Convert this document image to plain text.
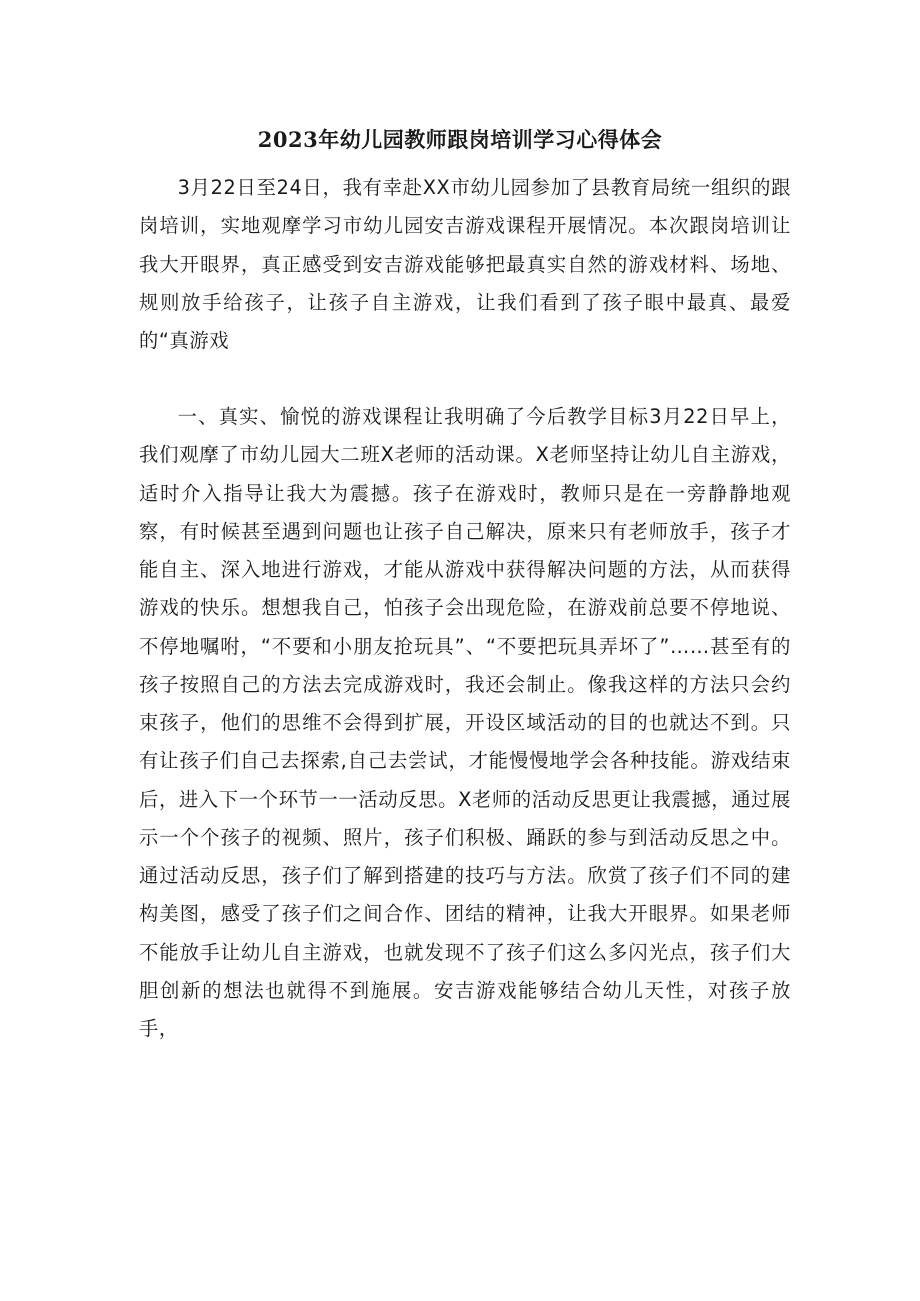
2023年幼儿园教师跟岗培训学习心得体会

3月22日至24日，我有幸赴XX市幼儿园参加了县教育局统一组织的跟岗培训，实地观摩学习市幼儿园安吉游戏课程开展情况。本次跟岗培训让我大开眼界，真正感受到安吉游戏能够把最真实自然的游戏材料、场地、规则放手给孩子，让孩子自主游戏，让我们看到了孩子眼中最真、最爱的“真游戏

一、真实、愉悦的游戏课程让我明确了今后教学目标3月22日早上，我们观摩了市幼儿园大二班X老师的活动课。X老师坚持让幼儿自主游戏，适时介入指导让我大为震撼。孩子在游戏时，教师只是在一旁静静地观察，有时候甚至遇到问题也让孩子自己解决，原来只有老师放手，孩子才能自主、深入地进行游戏，才能从游戏中获得解决问题的方法，从而获得游戏的快乐。想想我自己，怕孩子会出现危险，在游戏前总要不停地说、不停地嘱咐，“不要和小朋友抢玩具”、“不要把玩具弄坏了”……甚至有的孩子按照自己的方法去完成游戏时，我还会制止。像我这样的方法只会约束孩子，他们的思维不会得到扩展，开设区域活动的目的也就达不到。只有让孩子们自己去探索,自己去尝试，才能慢慢地学会各种技能。游戏结束后，进入下一个环节一一活动反思。X老师的活动反思更让我震撼，通过展示一个个孩子的视频、照片，孩子们积极、踊跃的参与到活动反思之中。通过活动反思，孩子们了解到搭建的技巧与方法。欣赏了孩子们不同的建构美图，感受了孩子们之间合作、团结的精神，让我大开眼界。如果老师不能放手让幼儿自主游戏，也就发现不了孩子们这么多闪光点，孩子们大胆创新的想法也就得不到施展。安吉游戏能够结合幼儿天性，对孩子放手，
